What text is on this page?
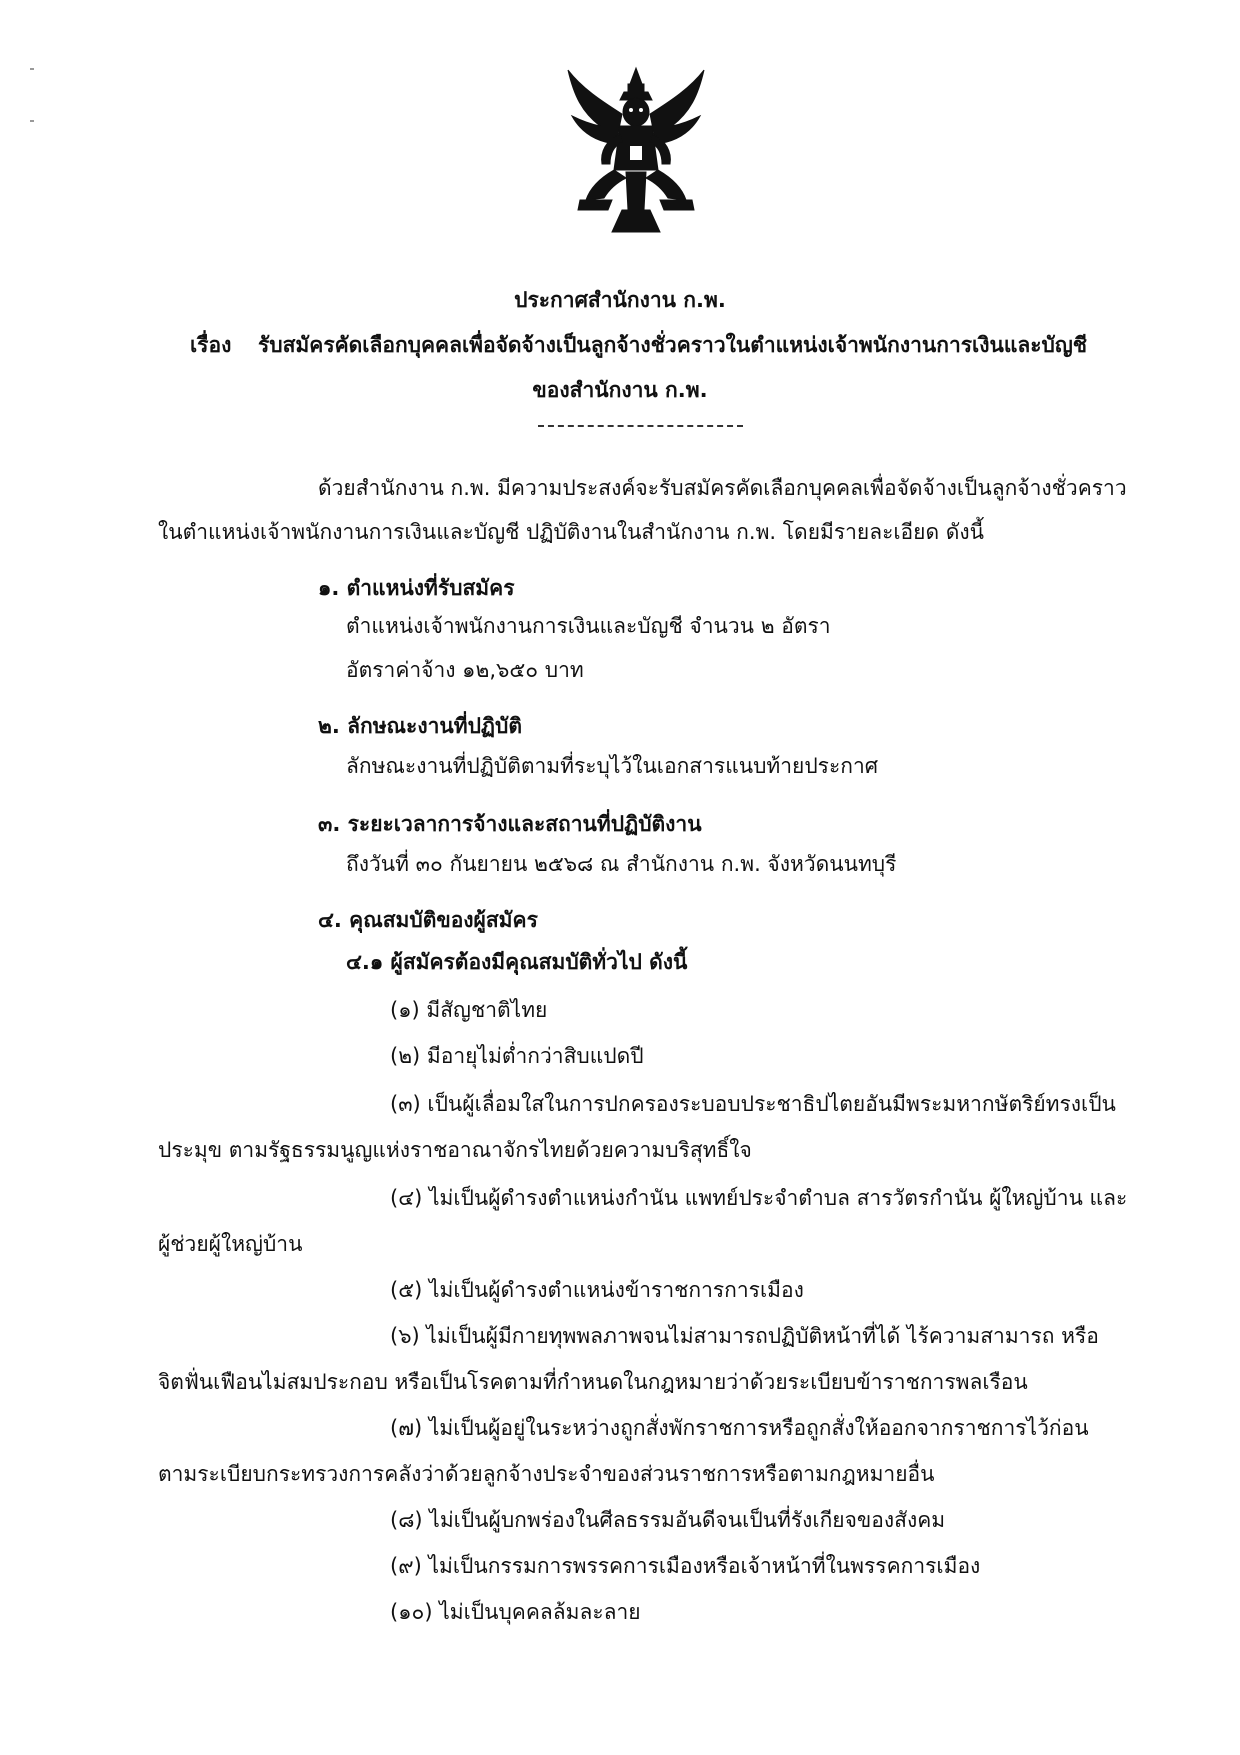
ประกาศสำนักงาน ก.พ.
เรื่อง รับสมัครคัดเลือกบุคคลเพื่อจัดจ้างเป็นลูกจ้างชั่วคราวในตำแหน่งเจ้าพนักงานการเงินและบัญชี
ของสำนักงาน ก.พ.
ด้วยสำนักงาน ก.พ. มีความประสงค์จะรับสมัครคัดเลือกบุคคลเพื่อจัดจ้างเป็นลูกจ้างชั่วคราว
ในตำแหน่งเจ้าพนักงานการเงินและบัญชี ปฏิบัติงานในสำนักงาน ก.พ. โดยมีรายละเอียด ดังนี้
๑. ตำแหน่งที่รับสมัคร
ตำแหน่งเจ้าพนักงานการเงินและบัญชี จำนวน ๒ อัตรา
อัตราค่าจ้าง ๑๒,๖๕๐ บาท
๒. ลักษณะงานที่ปฏิบัติ
ลักษณะงานที่ปฏิบัติตามที่ระบุไว้ในเอกสารแนบท้ายประกาศ
๓. ระยะเวลาการจ้างและสถานที่ปฏิบัติงาน
ถึงวันที่ ๓๐ กันยายน ๒๕๖๘ ณ สำนักงาน ก.พ. จังหวัดนนทบุรี
๔. คุณสมบัติของผู้สมัคร
๔.๑ ผู้สมัครต้องมีคุณสมบัติทั่วไป ดังนี้
(๑) มีสัญชาติไทย
(๒) มีอายุไม่ต่ำกว่าสิบแปดปี
(๓) เป็นผู้เลื่อมใสในการปกครองระบอบประชาธิปไตยอันมีพระมหากษัตริย์ทรงเป็น
ประมุข ตามรัฐธรรมนูญแห่งราชอาณาจักรไทยด้วยความบริสุทธิ์ใจ
(๔) ไม่เป็นผู้ดำรงตำแหน่งกำนัน แพทย์ประจำตำบล สารวัตรกำนัน ผู้ใหญ่บ้าน และ
ผู้ช่วยผู้ใหญ่บ้าน
(๕) ไม่เป็นผู้ดำรงตำแหน่งข้าราชการการเมือง
(๖) ไม่เป็นผู้มีกายทุพพลภาพจนไม่สามารถปฏิบัติหน้าที่ได้ ไร้ความสามารถ หรือ
จิตฟั่นเฟือนไม่สมประกอบ หรือเป็นโรคตามที่กำหนดในกฎหมายว่าด้วยระเบียบข้าราชการพลเรือน
(๗) ไม่เป็นผู้อยู่ในระหว่างถูกสั่งพักราชการหรือถูกสั่งให้ออกจากราชการไว้ก่อน
ตามระเบียบกระทรวงการคลังว่าด้วยลูกจ้างประจำของส่วนราชการหรือตามกฎหมายอื่น
(๘) ไม่เป็นผู้บกพร่องในศีลธรรมอันดีจนเป็นที่รังเกียจของสังคม
(๙) ไม่เป็นกรรมการพรรคการเมืองหรือเจ้าหน้าที่ในพรรคการเมือง
(๑๐) ไม่เป็นบุคคลล้มละลาย
